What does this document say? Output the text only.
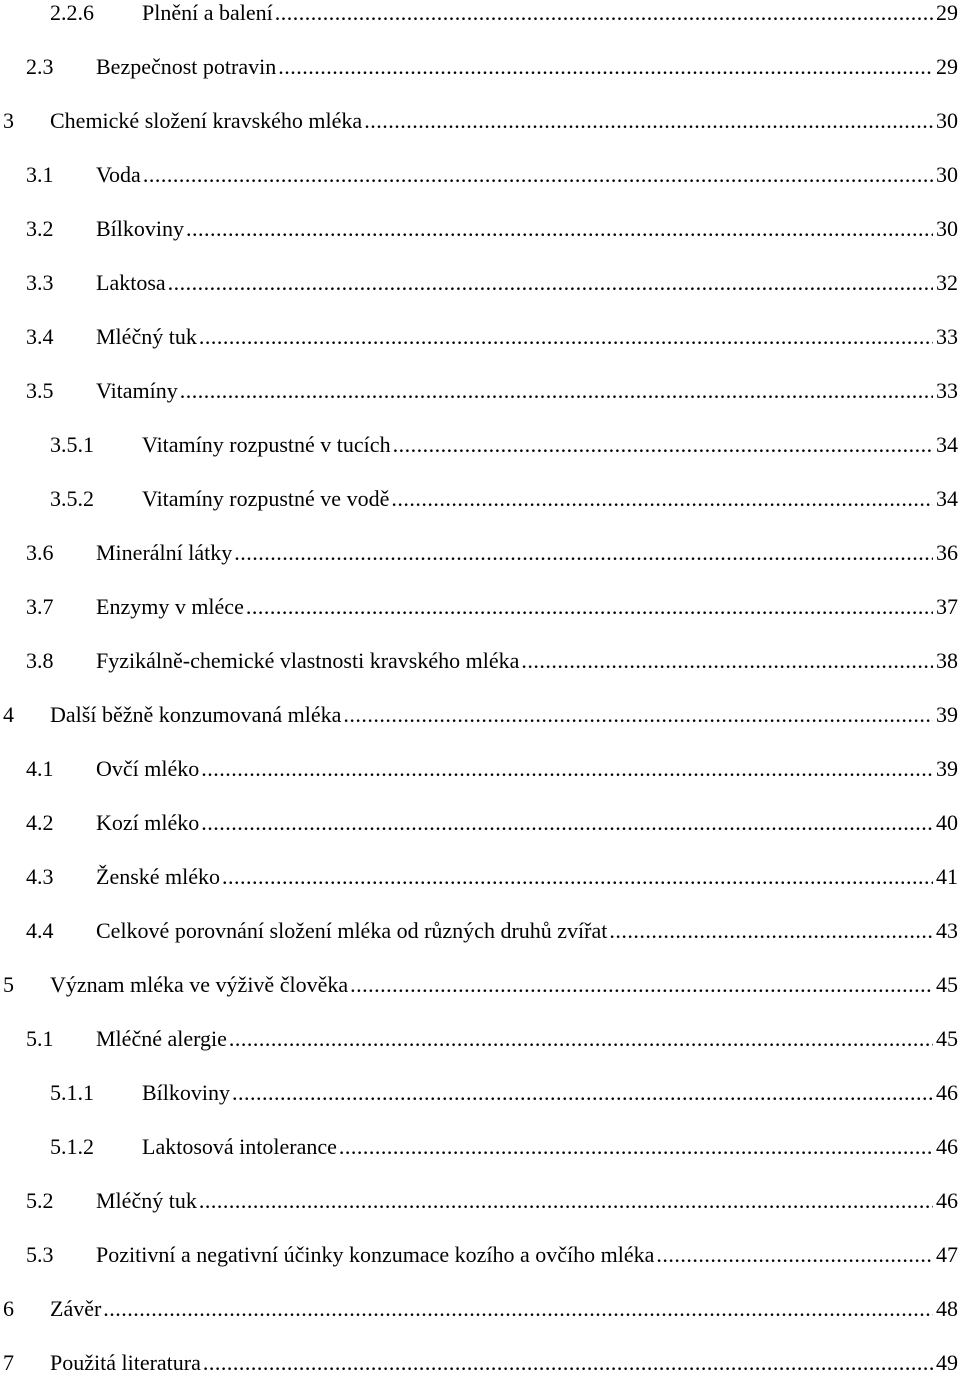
2.2.6	Plnění a balení .....	29
2.3	Bezpečnost potravin .....	29
3	Chemické složení kravského mléka .....	30
3.1	Voda .....	30
3.2	Bílkoviny .....	30
3.3	Laktosa .....	32
3.4	Mléčný tuk .....	33
3.5	Vitamíny .....	33
3.5.1	Vitamíny rozpustné v tucích .....	34
3.5.2	Vitamíny rozpustné ve vodě .....	34
3.6	Minerální látky .....	36
3.7	Enzymy v mléce .....	37
3.8	Fyzikálně-chemické vlastnosti kravského mléka .....	38
4	Další běžně konzumovaná mléka .....	39
4.1	Ovčí mléko .....	39
4.2	Kozí mléko .....	40
4.3	Ženské mléko .....	41
4.4	Celkové porovnání složení mléka od různých druhů zvířat .....	43
5	Význam mléka ve výživě člověka .....	45
5.1	Mléčné alergie .....	45
5.1.1	Bílkoviny .....	46
5.1.2	Laktosová intolerance .....	46
5.2	Mléčný tuk .....	46
5.3	Pozitivní a negativní účinky konzumace kozího a ovčího mléka .....	47
6	Závěr .....	48
7	Použitá literatura .....	49
